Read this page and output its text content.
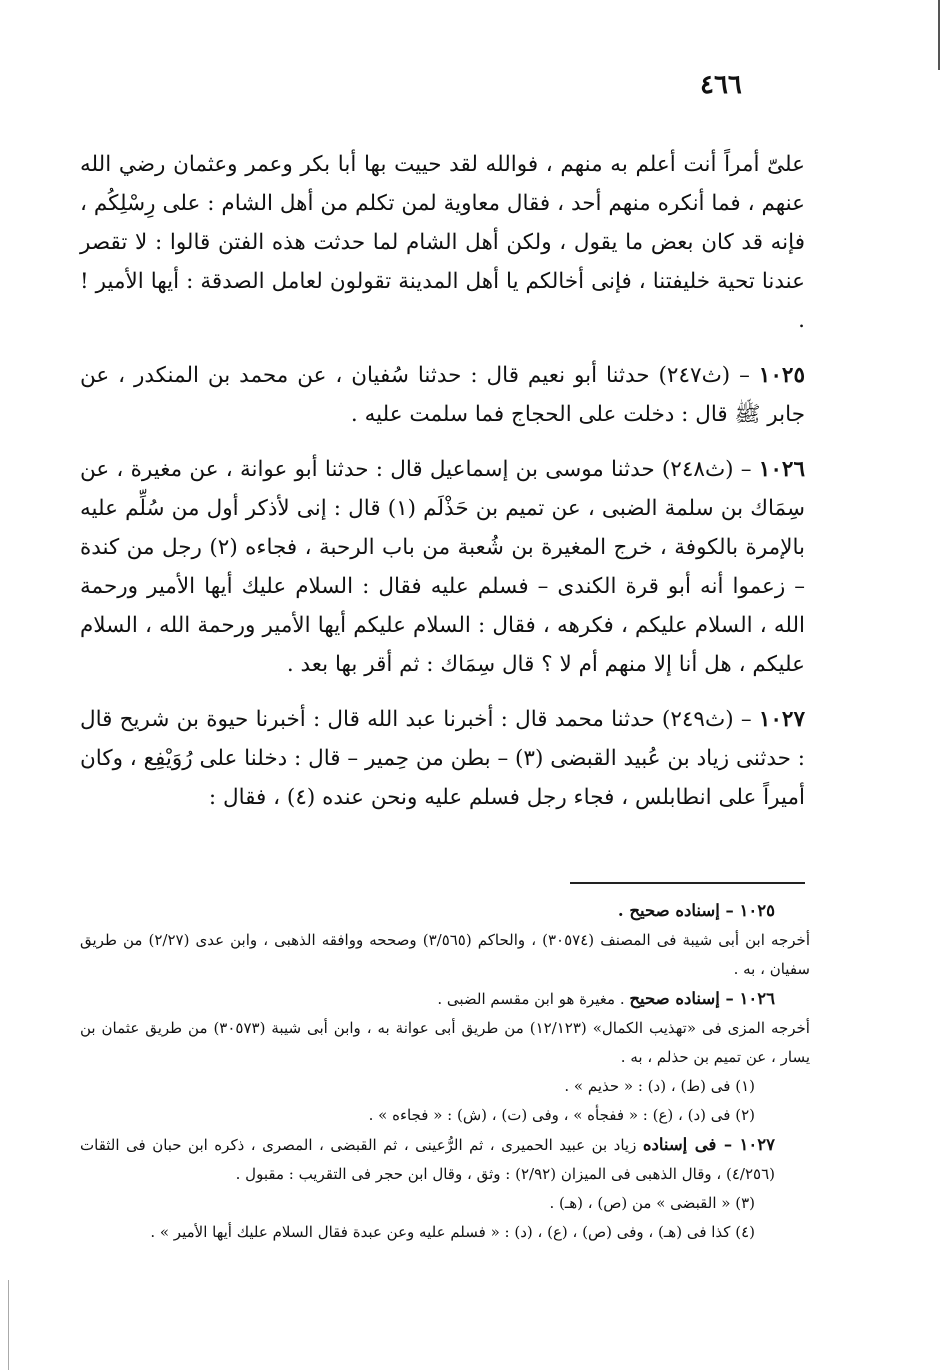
٤٦٦

علىّ أمراً أنت أعلم به منهم ، فوالله لقد حييت بها أبا بكر وعمر وعثمان رضي الله عنهم ، فما أنكره منهم أحد ، فقال معاوية لمن تكلم من أهل الشام : على رِسْلِكُم ، فإنه قد كان بعض ما يقول ، ولكن أهل الشام لما حدثت هذه الفتن قالوا : لا تقصر عندنا تحية خليفتنا ، فإنى أخالكم يا أهل المدينة تقولون لعامل الصدقة : أيها الأمير ! .

١٠٢٥ – (ث٢٤٧) حدثنا أبو نعيم قال : حدثنا سُفيان ، عن محمد بن المنكدر ، عن جابر ﷺ قال : دخلت على الحجاج فما سلمت عليه .

١٠٢٦ – (ث٢٤٨) حدثنا موسى بن إسماعيل قال : حدثنا أبو عوانة ، عن مغيرة ، عن سِمَاك بن سلمة الضبى ، عن تميم بن حَذْلَم (١) قال : إنى لأذكر أول من سُلِّم عليه بالإمرة بالكوفة ، خرج المغيرة بن شُعبة من باب الرحبة ، فجاءه (٢) رجل من كندة – زعموا أنه أبو قرة الكندى – فسلم عليه فقال : السلام عليك أيها الأمير ورحمة الله ، السلام عليكم ، فكرهه ، فقال : السلام عليكم أيها الأمير ورحمة الله ، السلام عليكم ، هل أنا إلا منهم أم لا ؟ قال سِمَاك : ثم أقر بها بعد .

١٠٢٧ – (ث٢٤٩) حدثنا محمد قال : أخبرنا عبد الله قال : أخبرنا حيوة بن شريح قال : حدثنى زياد بن عُبيد القبضى (٣) – بطن من حِمير – قال : دخلنا على رُوَيْفِع ، وكان أميراً على انطابلس ، فجاء رجل فسلم عليه ونحن عنده (٤) ، فقال :

١٠٢٥ – إسناده صحيح .

أخرجه ابن أبى شيبة فى المصنف (٣٠٥٧٤) ، والحاكم (٣/٥٦٥) وصححه ووافقه الذهبى ، وابن عدى (٢/٢٧) من طريق سفيان ، به .

١٠٢٦ – إسناده صحيح . مغيرة هو ابن مقسم الضبى .

أخرجه المزى فى «تهذيب الكمال» (١٢/١٢٣) من طريق أبى عوانة به ، وابن أبى شيبة (٣٠٥٧٣) من طريق عثمان بن يسار ، عن تميم بن حذلم ، به .

(١) فى (ط) ، (د) : « حذيم » .

(٢) فى (د) ، (ع) : « ففجأه » ، وفى (ت) ، (ش) : « فجاءه » .

١٠٢٧ – فى إسناده زياد بن عبيد الحميرى ، ثم الرُّعينى ، ثم القبضى ، المصرى ، ذكره ابن حبان فى الثقات (٤/٢٥٦) ، وقال الذهبى فى الميزان (٢/٩٢) : وثق ، وقال ابن حجر فى التقريب : مقبول .

(٣) « القبضى » من (ص) ، (هـ) .

(٤) كذا فى (هـ) ، وفى (ص) ، (ع) ، (د) : « فسلم عليه وعن عبدة فقال السلام عليك أيها الأمير » .
